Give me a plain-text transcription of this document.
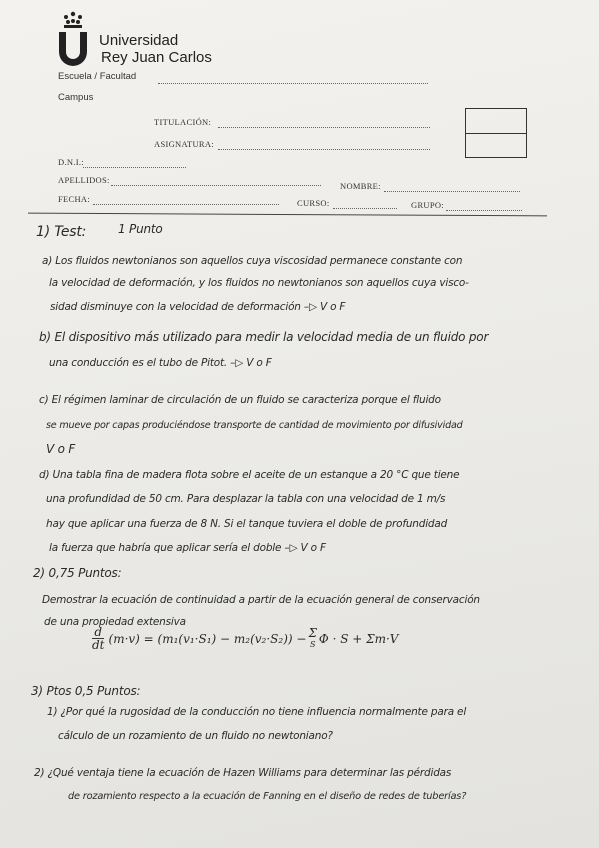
Universidad
Rey Juan Carlos
Escuela / Facultad
Campus
TITULACIÓN:
ASIGNATURA:
D.N.I.:
APELLIDOS:
NOMBRE:
FECHA:	CURSO:	GRUPO:
1) Test:	1 Punto
a) Los fluidos newtonianos son aquellos cuya viscosidad permanece constante con
la velocidad de deformación, y los fluidos no newtonianos son aquellos cuya visco-
sidad disminuye con la velocidad de deformación –▷ V o F
b) El dispositivo más utilizado para medir la velocidad media de un fluido por
una conducción es el tubo de Pitot. –▷ V o F
c) El régimen laminar de circulación de un fluido se caracteriza porque el fluido
se mueve por capas produciéndose transporte de cantidad de movimiento por difusividad
V o F
d) Una tabla fina de madera flota sobre el aceite de un estanque a 20 °C que tiene
una profundidad de 50 cm. Para desplazar la tabla con una velocidad de 1 m/s
hay que aplicar una fuerza de 8 N. Si el tanque tuviera el doble de profundidad
la fuerza que habría que aplicar sería el doble –▷ V o F
2) 0,75 Puntos:
Demostrar la ecuación de continuidad a partir de la ecuación general de conservación
de una propiedad extensiva
$\frac{d}{dt} (m\cdot v) = (m_1(v_1\cdot S_1) - m_2(v_2\cdot S_2)) - \Sigma$
S Φ · S + Σm·V
3) Ptos 0,5 Puntos:
1) ¿Por qué la rugosidad de la conducción no tiene influencia normalmente para el
cálculo de un rozamiento de un fluido no newtoniano?
2) ¿Qué ventaja tiene la ecuación de Hazen Williams para determinar las pérdidas
de rozamiento respecto a la ecuación de Fanning en el diseño de redes de tuberías?
